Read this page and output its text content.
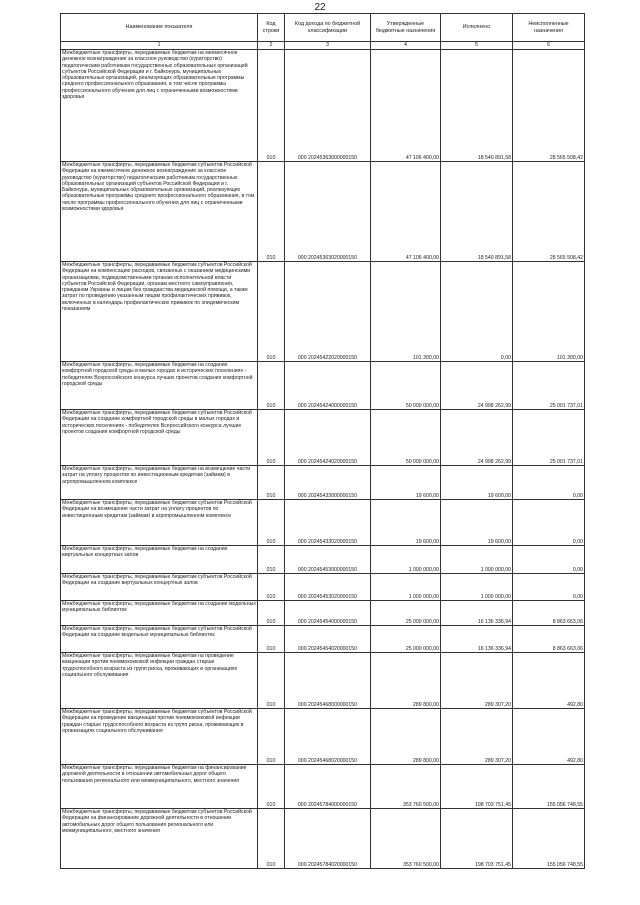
22
Наименование показателя	Код строки	Код дохода по бюджетной классификации	Утвержденные бюджетные назначения	Исполнено	Неисполненные назначения
1	2	3	4	5	6
Межбюджетные трансферты, передаваемые бюджетам на ежемесячное денежное вознаграждение за классное руководство (кураторство) педагогическим работникам государственных образовательных организаций субъектов Российской Федерации и г. Байконура, муниципальных образовательных организаций, реализующих образовательные программы среднего профессионального образования, в том числе программы профессионального обучения для лиц с ограниченными возможностями здоровья	010	000 20245363000000150	47 106 400,00	18 540 891,58	28 565 508,42
Межбюджетные трансферты, передаваемые бюджетам субъектов Российской Федерации на ежемесячное денежное вознаграждение за классное руководство (кураторство) педагогическим работникам государственных образовательных организаций субъектов Российской Федерации и г. Байконура, муниципальных образовательных организаций, реализующих образовательные программы среднего профессионального образования, в том числе программы профессионального обучения для лиц с ограниченными возможностями здоровья	010	000 20245363020000150	47 106 400,00	18 540 891,58	28 565 508,42
Межбюджетные трансферты, передаваемые бюджетам субъектов Российской Федерации на компенсацию расходов, связанных с оказанием медицинскими организациями, подведомственными органам исполнительной власти субъектов Российской Федерации, органам местного самоуправления, гражданам Украины и лицам без гражданства медицинской помощи, а также затрат по проведению указанным лицам профилактических прививок, включенных в календарь профилактических прививок по эпидемическим показаниям	010	000 20245422020000150	101 300,00	0,00	101 300,00
Межбюджетные трансферты, передаваемые бюджетам на создание комфортной городской среды в малых городах и исторических поселениях - победителях Всероссийского конкурса лучших проектов создания комфортной городской среды	010	000 20245424000000150	50 000 000,00	24 998 262,99	25 001 737,01
Межбюджетные трансферты, передаваемые бюджетам субъектов Российской Федерации на создание комфортной городской среды в малых городах и исторических поселениях - победителях Всероссийского конкурса лучших проектов создания комфортной городской среды	010	000 20245424020000150	50 000 000,00	24 998 262,99	25 001 737,01
Межбюджетные трансферты, передаваемые бюджетам на возмещение части затрат на уплату процентов по инвестиционным кредитам (займам) в агропромышленном комплексе	010	000 20245433000000150	19 600,00	19 600,00	0,00
Межбюджетные трансферты, передаваемые бюджетам субъектов Российской Федерации на возмещение части затрат на уплату процентов по инвестиционным кредитам (займам) в агропромышленном комплексе	010	000 20245433020000150	19 600,00	19 600,00	0,00
Межбюджетные трансферты, передаваемые бюджетам на создание виртуальных концертных залов	010	000 20245453000000150	1 000 000,00	1 000 000,00	0,00
Межбюджетные трансферты, передаваемые бюджетам субъектов Российской Федерации на создание виртуальных концертных залов	010	000 20245453020000150	1 000 000,00	1 000 000,00	0,00
Межбюджетные трансферты, передаваемые бюджетам на создание модельных муниципальных библиотек	010	000 20245454000000150	25 000 000,00	16 136 336,94	8 863 663,06
Межбюджетные трансферты, передаваемые бюджетам субъектов Российской Федерации на создание модельных муниципальных библиотек	010	000 20245454020000150	25 000 000,00	16 136 336,94	8 863 663,06
Межбюджетные трансферты, передаваемые бюджетам на проведение вакцинации против пневмококковой инфекции граждан старше трудоспособного возраста из групп риска, проживающих в организациях социального обслуживания	010	000 20245468000000150	289 800,00	289 307,20	492,80
Межбюджетные трансферты, передаваемые бюджетам субъектов Российской Федерации на проведение вакцинации против пневмококковой инфекции граждан старше трудоспособного возраста из групп риска, проживающих в организациях социального обслуживания	010	000 20245468020000150	289 800,00	289 307,20	492,80
Межбюджетные трансферты, передаваемые бюджетам на финансирование дорожной деятельности в отношении автомобильных дорог общего пользования регионального или межмуниципального, местного значения	010	000 20245784000000150	353 760 500,00	198 703 751,45	155 056 748,55
Межбюджетные трансферты, передаваемые бюджетам субъектов Российской Федерации на финансирование дорожной деятельности в отношении автомобильных дорог общего пользования регионального или межмуниципального, местного значения	010	000 20245784020000150	353 760 500,00	198 703 751,45	155 056 748,55
